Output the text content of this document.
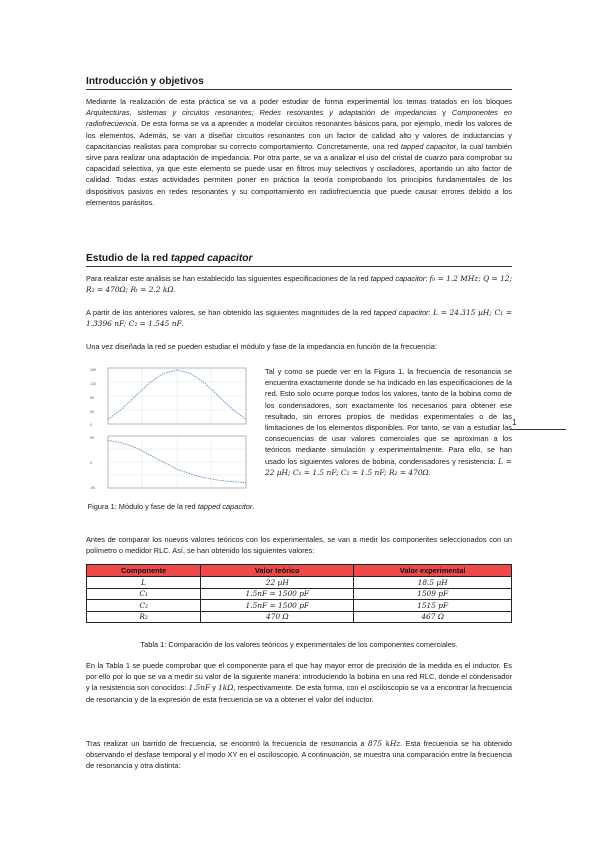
Introducción y objetivos
Mediante la realización de esta práctica se va a poder estudiar de forma experimental los temas tratados en los bloques Arquitecturas, sistemas y circuitos resonantes; Redes resonantes y adaptación de impedancias y Componentes en radiofrecuencia. De esta forma se va a aprender a modelar circuitos resonantes básicos para, por ejemplo, medir los valores de los elementos. Además, se van a diseñar circuitos resonantes con un factor de calidad alto y valores de inductancias y capacitancias realistas para comprobar su correcto comportamiento. Concretamente, una red tapped capacitor, la cual también sirve para realizar una adaptación de impedancia. Por otra parte, se va a analizar el uso del cristal de cuarzo para comprobar su capacidad selectiva, ya que este elemento se puede usar en filtros muy selectivos y osciladores, aportando un alto factor de calidad. Todas estas actividades permiten poner en práctica la teoría comprobando los principios fundamentales de los dispositivos pasivos en redes resonantes y su comportamiento en radiofrecuencia que puede causar errores debido a los elementos parásitos.
Estudio de la red tapped capacitor
Para realizar este análisis se han establecido las siguientes especificaciones de la red tapped capacitor: f₀ = 1.2 MHz; Q = 12; R₂ = 470Ω; Rₜ = 2.2 kΩ.
A partir de los anteriores valores, se han obtenido las siguientes magnitudes de la red tapped capacitor: L = 24.315 µH; C₁ = 1.3396 nF; C₂ = 1.545 nF.
Una vez diseñada la red se pueden estudiar el módulo y fase de la impedancia en función de la frecuencia:
160
120
80
40
0
90
0
-90
Figura 1: Módulo y fase de la red tapped capacitor.
Tal y como se puede ver en la Figura 1, la frecuencia de resonancia se encuentra exactamente donde se ha indicado en las especificaciones de la red. Esto solo ocurre porque todos los valores, tanto de la bobina como de los condensadores, son exactamente los necesarios para obtener ese resultado, sin errores propios de medidas experimentales o de las limitaciones de los elementos disponibles. Por tanto, se van a estudiar las consecuencias de usar valores comerciales que se aproximan a los teóricos mediante simulación y experimentalmente. Para ello, se han usado los siguientes valores de bobina, condensadores y resistencia: L = 22 µH; C₁ = 1.5 nF; C₂ = 1.5 nF; R₂ = 470Ω.
1
Antes de comparar los nuevos valores teóricos con los experimentales, se van a medir los componentes seleccionados con un polímetro o medidor RLC. Así, se han obtenido los siguientes valores:
Componente	Valor teórico	Valor experimental
L	22 µH	18.5 µH
C₁	1.5nF = 1500 pF	1509 pF
C₂	1.5nF = 1500 pF	1515 pF
R₂	470 Ω	467 Ω
Tabla 1: Comparación de los valores teóricos y experimentales de los componentes comerciales.
En la Tabla 1 se puede comprobar que el componente para el que hay mayor error de precisión de la medida es el inductor. Es por ello por lo que se va a medir su valor de la siguiente manera: introduciendo la bobina en una red RLC, donde el condensador y la resistencia son conocidos: 1.5nF y 1kΩ, respectivamente. De esta forma, con el osciloscopio se va a encontrar la frecuencia de resonancia y de la expresión de esta frecuencia se va a obtener el valor del inductor.
Tras realizar un barrido de frecuencia, se encontró la frecuencia de resonancia a 875 kHz. Esta frecuencia se ha obtenido observando el desfase temporal y el modo XY en el osciloscopio. A continuación, se muestra una comparación entre la frecuencia de resonancia y otra distinta:
